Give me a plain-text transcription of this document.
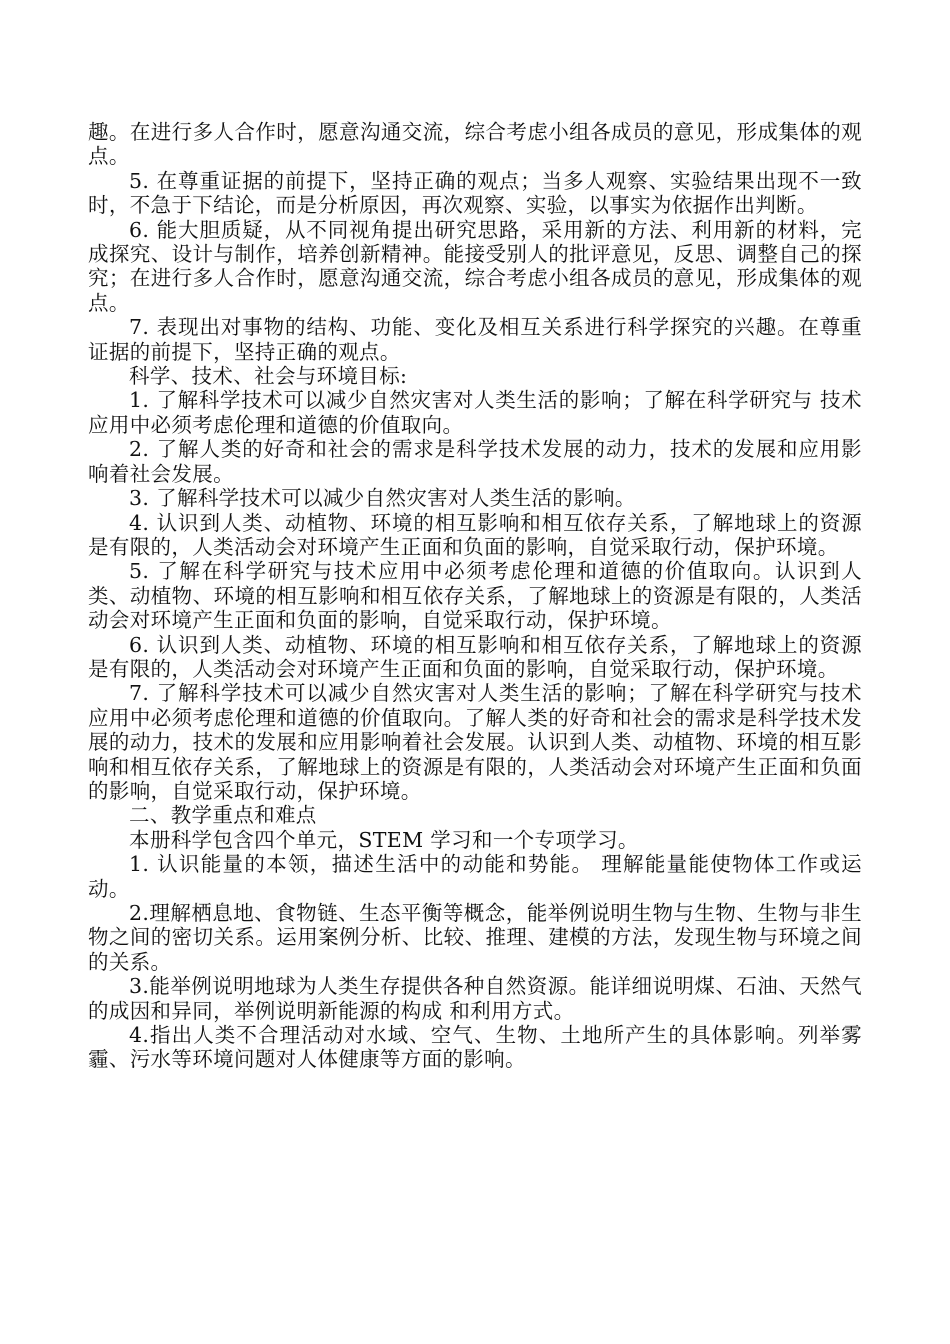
趣。在进行多人合作时，愿意沟通交流，综合考虑小组各成员的意见，形成集体的观点。

5. 在尊重证据的前提下，坚持正确的观点；当多人观察、实验结果出现不一致时，不急于下结论，而是分析原因，再次观察、实验，以事实为依据作出判断。

6. 能大胆质疑，从不同视角提出研究思路，采用新的方法、利用新的材料，完成探究、设计与制作，培养创新精神。能接受别人的批评意见，反思、调整自己的探究；在进行多人合作时，愿意沟通交流，综合考虑小组各成员的意见，形成集体的观点。

7. 表现出对事物的结构、功能、变化及相互关系进行科学探究的兴趣。在尊重证据的前提下，坚持正确的观点。

科学、技术、社会与环境目标:

1. 了解科学技术可以减少自然灾害对人类生活的影响；了解在科学研究与 技术应用中必须考虑伦理和道德的价值取向。

2. 了解人类的好奇和社会的需求是科学技术发展的动力，技术的发展和应用影响着社会发展。

3. 了解科学技术可以减少自然灾害对人类生活的影响。

4. 认识到人类、动植物、环境的相互影响和相互依存关系，了解地球上的资源是有限的，人类活动会对环境产生正面和负面的影响，自觉采取行动，保护环境。

5. 了解在科学研究与技术应用中必须考虑伦理和道德的价值取向。认识到人类、动植物、环境的相互影响和相互依存关系，了解地球上的资源是有限的，人类活动会对环境产生正面和负面的影响，自觉采取行动，保护环境。

6. 认识到人类、动植物、环境的相互影响和相互依存关系，了解地球上的资源是有限的，人类活动会对环境产生正面和负面的影响，自觉采取行动，保护环境。

7. 了解科学技术可以减少自然灾害对人类生活的影响；了解在科学研究与技术应用中必须考虑伦理和道德的价值取向。了解人类的好奇和社会的需求是科学技术发展的动力，技术的发展和应用影响着社会发展。认识到人类、动植物、环境的相互影响和相互依存关系，了解地球上的资源是有限的，人类活动会对环境产生正面和负面的影响，自觉采取行动，保护环境。

二、教学重点和难点

本册科学包含四个单元，STEM 学习和一个专项学习。

1. 认识能量的本领，描述生活中的动能和势能。 理解能量能使物体工作或运动。

2.理解栖息地、食物链、生态平衡等概念，能举例说明生物与生物、生物与非生物之间的密切关系。运用案例分析、比较、推理、建模的方法，发现生物与环境之间的关系。

3.能举例说明地球为人类生存提供各种自然资源。能详细说明煤、石油、天然气的成因和异同，举例说明新能源的构成 和利用方式。

4.指出人类不合理活动对水域、空气、生物、土地所产生的具体影响。列举雾霾、污水等环境问题对人体健康等方面的影响。
